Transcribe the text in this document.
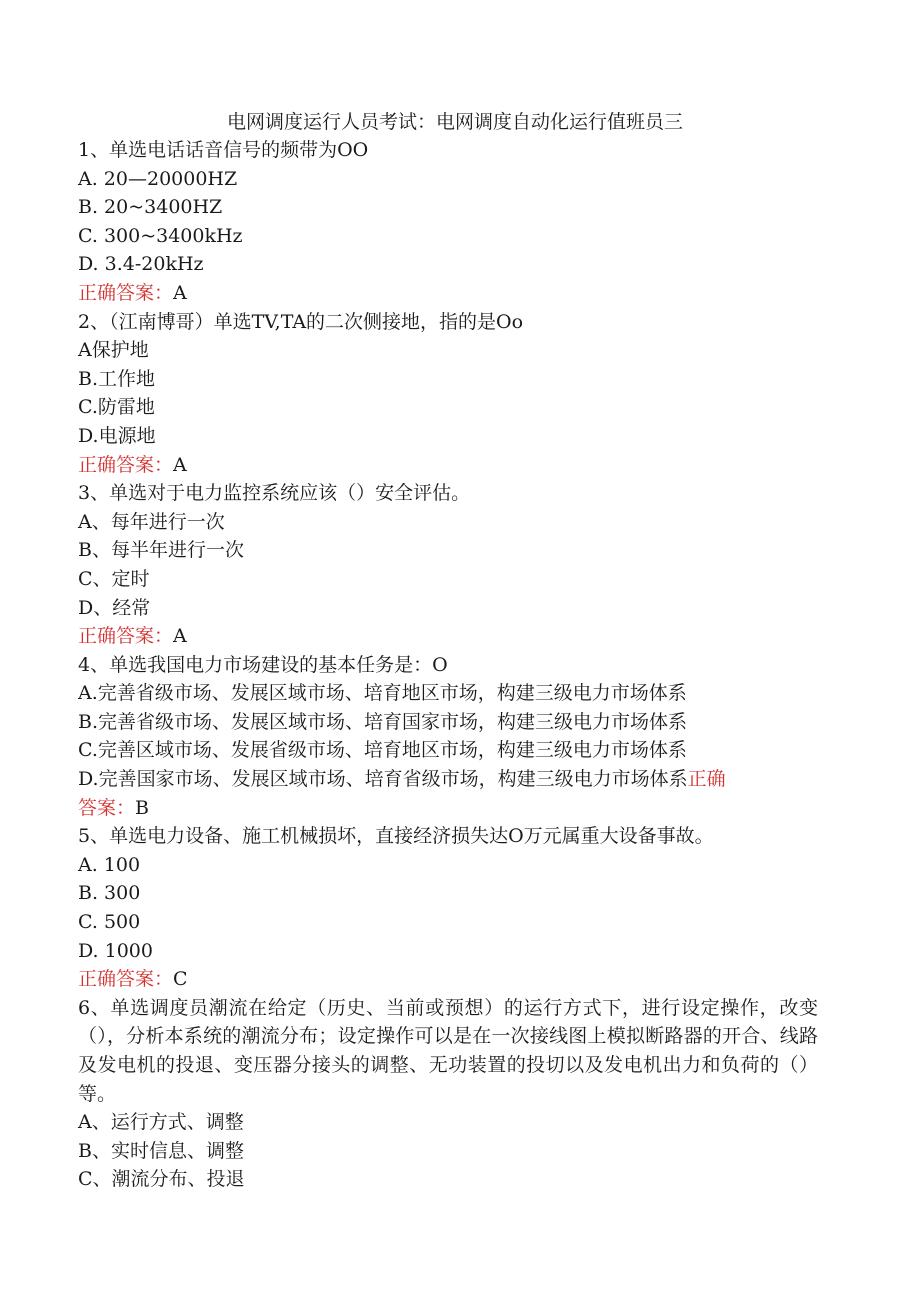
电网调度运行人员考试：电网调度自动化运行值班员三

1、单选电话话音信号的频带为OO

A. 20—20000HZ

B. 20~3400HZ

C. 300~3400kHz

D. 3.4-20kHz

正确答案：A

2、（江南博哥）单选TV,TA的二次侧接地，指的是Oo

A保护地

B.工作地

C.防雷地

D.电源地

正确答案：A

3、单选对于电力监控系统应该（）安全评估。

A、每年进行一次

B、每半年进行一次

C、定时

D、经常

正确答案：A

4、单选我国电力市场建设的基本任务是：O

A.完善省级市场、发展区域市场、培育地区市场，构建三级电力市场体系

B.完善省级市场、发展区域市场、培育国家市场，构建三级电力市场体系

C.完善区域市场、发展省级市场、培育地区市场，构建三级电力市场体系

D.完善国家市场、发展区域市场、培育省级市场，构建三级电力市场体系正确

答案：B

5、单选电力设备、施工机械损坏，直接经济损失达O万元属重大设备事故。

A. 100

B. 300

C. 500

D. 1000

正确答案：C

6、单选调度员潮流在给定（历史、当前或预想）的运行方式下，进行设定操作，改变（），分析本系统的潮流分布；设定操作可以是在一次接线图上模拟断路器的开合、线路及发电机的投退、变压器分接头的调整、无功装置的投切以及发电机出力和负荷的（）等。

A、运行方式、调整

B、实时信息、调整

C、潮流分布、投退
